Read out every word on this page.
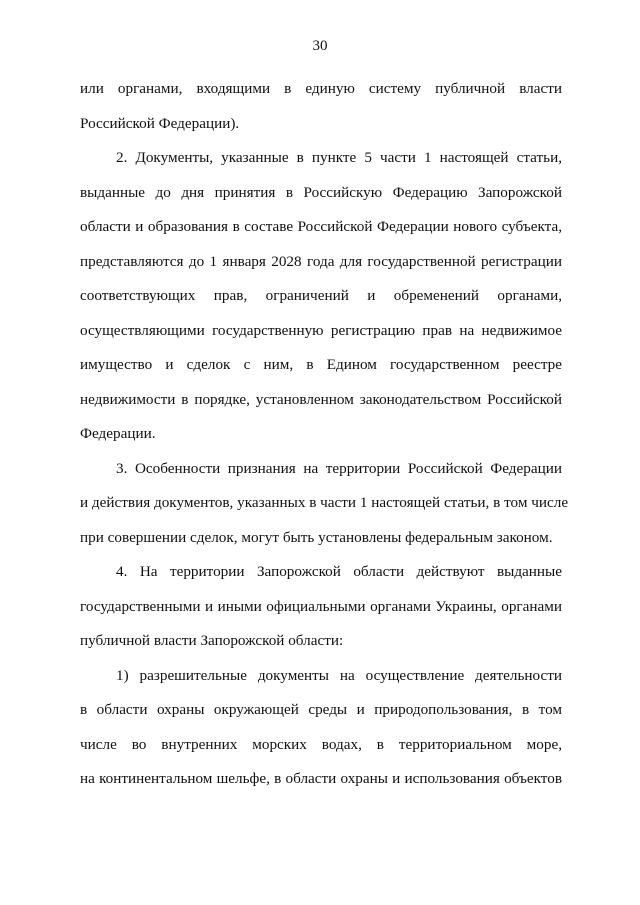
30
или органами, входящими в единую систему публичной власти
Российской Федерации).
2. Документы, указанные в пункте 5 части 1 настоящей статьи,
выданные до дня принятия в Российскую Федерацию Запорожской
области и образования в составе Российской Федерации нового субъекта,
представляются до 1 января 2028 года для государственной регистрации
соответствующих прав, ограничений и обременений органами,
осуществляющими государственную регистрацию прав на недвижимое
имущество и сделок с ним, в Едином государственном реестре
недвижимости в порядке, установленном законодательством Российской
Федерации.
3. Особенности признания на территории Российской Федерации
и действия документов, указанных в части 1 настоящей статьи, в том числе
при совершении сделок, могут быть установлены федеральным законом.
4. На территории Запорожской области действуют выданные
государственными и иными официальными органами Украины, органами
публичной власти Запорожской области:
1) разрешительные документы на осуществление деятельности
в области охраны окружающей среды и природопользования, в том
числе во внутренних морских водах, в территориальном море,
на континентальном шельфе, в области охраны и использования объектов
